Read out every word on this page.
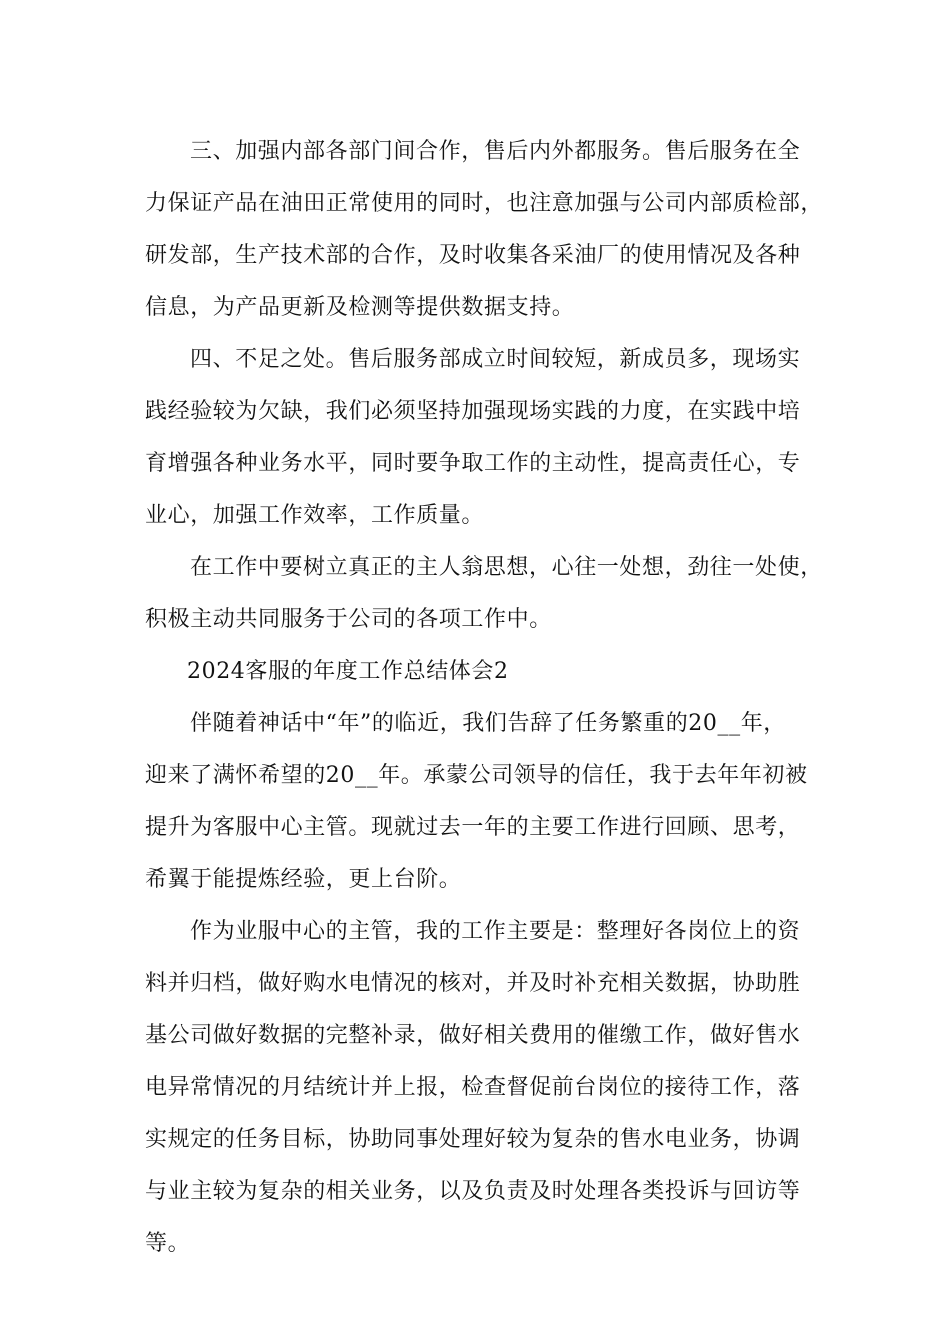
三、加强内部各部门间合作，售后内外都服务。售后服务在全
力保证产品在油田正常使用的同时，也注意加强与公司内部质检部，
研发部，生产技术部的合作，及时收集各采油厂的使用情况及各种
信息，为产品更新及检测等提供数据支持。
四、不足之处。售后服务部成立时间较短，新成员多，现场实
践经验较为欠缺，我们必须坚持加强现场实践的力度，在实践中培
育增强各种业务水平，同时要争取工作的主动性，提高责任心，专
业心，加强工作效率，工作质量。
在工作中要树立真正的主人翁思想，心往一处想，劲往一处使，
积极主动共同服务于公司的各项工作中。
2024客服的年度工作总结体会2
伴随着神话中“年”的临近，我们告辞了任务繁重的20__年，
迎来了满怀希望的20__年。承蒙公司领导的信任，我于去年年初被
提升为客服中心主管。现就过去一年的主要工作进行回顾、思考，
希翼于能提炼经验，更上台阶。
作为业服中心的主管，我的工作主要是：整理好各岗位上的资
料并归档，做好购水电情况的核对，并及时补充相关数据，协助胜
基公司做好数据的完整补录，做好相关费用的催缴工作，做好售水
电异常情况的月结统计并上报，检查督促前台岗位的接待工作，落
实规定的任务目标，协助同事处理好较为复杂的售水电业务，协调
与业主较为复杂的相关业务，以及负责及时处理各类投诉与回访等
等。
